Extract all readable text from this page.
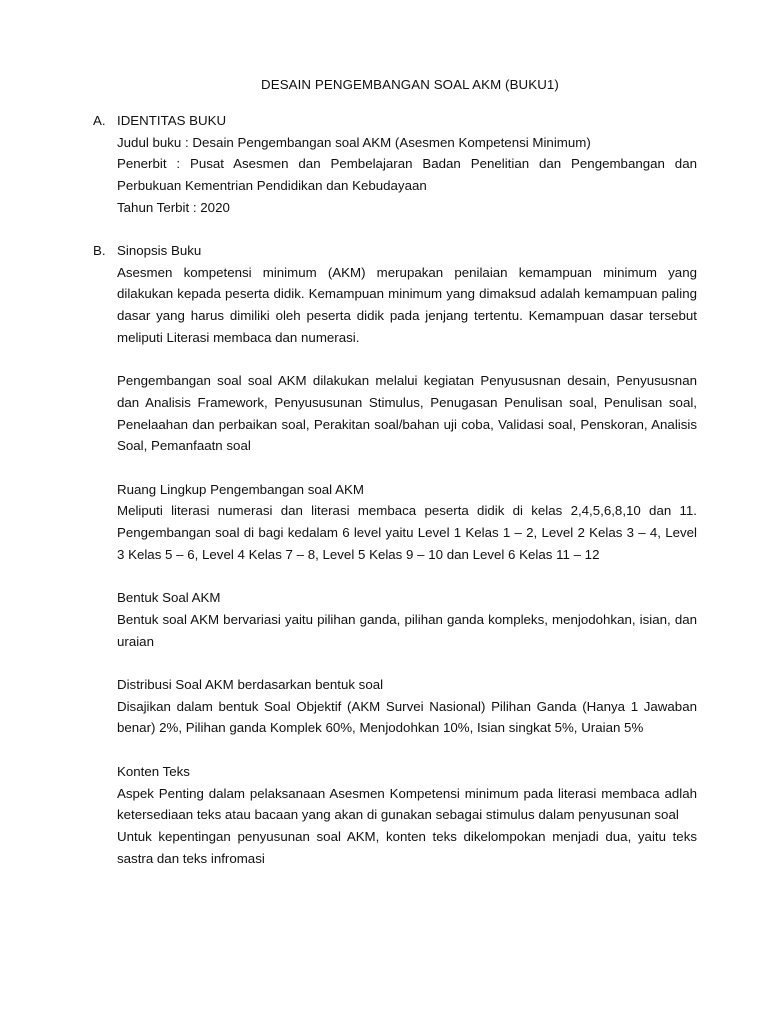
DESAIN PENGEMBANGAN SOAL AKM (BUKU1)
A. IDENTITAS BUKU
Judul buku : Desain Pengembangan soal AKM (Asesmen Kompetensi Minimum)
Penerbit : Pusat Asesmen dan Pembelajaran Badan Penelitian dan Pengembangan dan Perbukuan Kementrian Pendidikan dan Kebudayaan
Tahun Terbit : 2020
B. Sinopsis Buku
Asesmen kompetensi minimum (AKM) merupakan penilaian kemampuan minimum yang dilakukan kepada peserta didik. Kemampuan minimum yang dimaksud adalah kemampuan paling dasar yang harus dimiliki oleh peserta didik pada jenjang tertentu. Kemampuan dasar tersebut meliputi Literasi membaca dan numerasi.
Pengembangan soal soal AKM dilakukan melalui kegiatan Penyususnan desain, Penyususnan dan Analisis Framework, Penyususunan Stimulus, Penugasan Penulisan soal, Penulisan soal, Penelaahan dan perbaikan soal, Perakitan soal/bahan uji coba, Validasi soal, Penskoran, Analisis Soal, Pemanfaatn soal
Ruang Lingkup Pengembangan soal AKM
Meliputi literasi numerasi dan literasi membaca peserta didik di kelas 2,4,5,6,8,10 dan 11. Pengembangan soal di bagi kedalam 6 level yaitu Level 1 Kelas 1 – 2, Level 2 Kelas 3 – 4, Level 3 Kelas 5 – 6, Level 4 Kelas 7 – 8, Level 5 Kelas 9 – 10 dan Level 6 Kelas 11 – 12
Bentuk Soal AKM
Bentuk soal AKM bervariasi yaitu pilihan ganda, pilihan ganda kompleks, menjodohkan, isian, dan uraian
Distribusi Soal AKM berdasarkan bentuk soal
Disajikan dalam bentuk Soal Objektif (AKM Survei Nasional) Pilihan Ganda (Hanya 1 Jawaban benar) 2%, Pilihan ganda Komplek 60%, Menjodohkan 10%, Isian singkat 5%, Uraian 5%
Konten Teks
Aspek Penting dalam pelaksanaan Asesmen Kompetensi minimum pada literasi membaca adlah ketersediaan teks atau bacaan yang akan di gunakan sebagai stimulus dalam penyusunan soal
Untuk kepentingan penyusunan soal AKM, konten teks dikelompokan menjadi dua, yaitu teks sastra dan teks infromasi
